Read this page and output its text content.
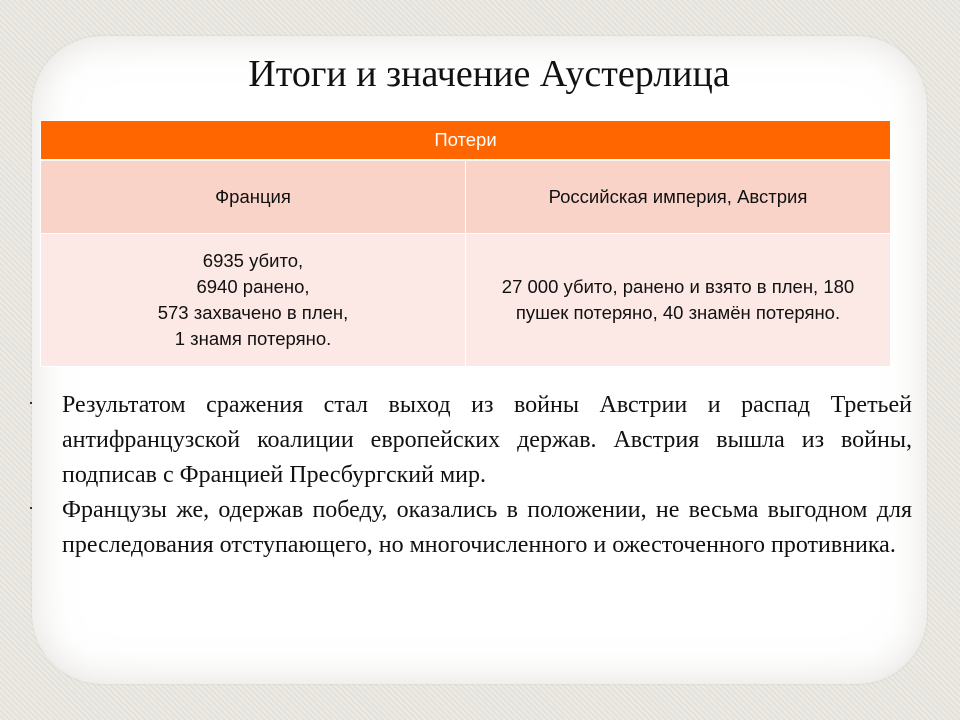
Итоги и значение Аустерлица
Потери	
Франция	Российская империя, Австрия

6935 убито,
6940 ранено,
573 захвачено в плен,
1 знамя потеряно.	27 000 убито, ранено и взято в плен, 180 пушек потеряно, 40 знамён потеряно.
· Результатом сражения стал выход из войны Австрии и распад Третьей антифранцузской коалиции европейских держав. Австрия вышла из войны, подписав с Францией Пресбургский мир.
· Французы же, одержав победу, оказались в положении, не весьма выгодном для преследования отступающего, но многочисленного и ожесточенного противника.
